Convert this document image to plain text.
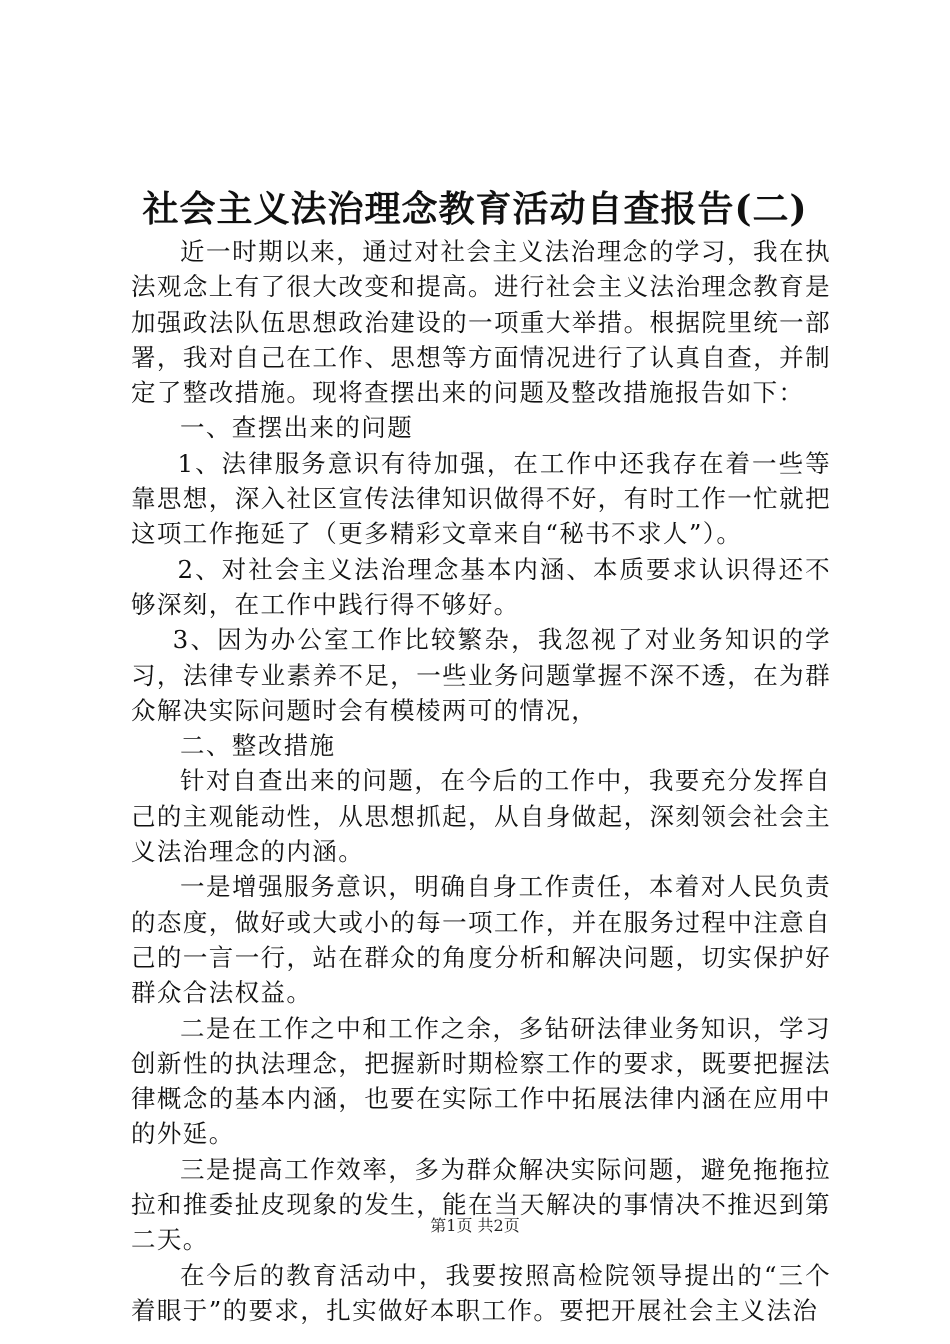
社会主义法治理念教育活动自查报告(二)

近一时期以来，通过对社会主义法治理念的学习，我在执法观念上有了很大改变和提高。进行社会主义法治理念教育是加强政法队伍思想政治建设的一项重大举措。根据院里统一部署，我对自己在工作、思想等方面情况进行了认真自查，并制定了整改措施。现将查摆出来的问题及整改措施报告如下：

一、查摆出来的问题

1、法律服务意识有待加强，在工作中还我存在着一些等靠思想，深入社区宣传法律知识做得不好，有时工作一忙就把这项工作拖延了（更多精彩文章来自“秘书不求人”）。

2、对社会主义法治理念基本内涵、本质要求认识得还不够深刻，在工作中践行得不够好。

3、因为办公室工作比较繁杂，我忽视了对业务知识的学习，法律专业素养不足，一些业务问题掌握不深不透，在为群众解决实际问题时会有模棱两可的情况，

二、整改措施

针对自查出来的问题，在今后的工作中，我要充分发挥自己的主观能动性，从思想抓起，从自身做起，深刻领会社会主义法治理念的内涵。

一是增强服务意识，明确自身工作责任，本着对人民负责的态度，做好或大或小的每一项工作，并在服务过程中注意自己的一言一行，站在群众的角度分析和解决问题，切实保护好群众合法权益。

二是在工作之中和工作之余，多钻研法律业务知识，学习创新性的执法理念，把握新时期检察工作的要求，既要把握法律概念的基本内涵，也要在实际工作中拓展法律内涵在应用中的外延。

三是提高工作效率，多为群众解决实际问题，避免拖拖拉拉和推委扯皮现象的发生，能在当天解决的事情决不推迟到第二天。

在今后的教育活动中，我要按照高检院领导提出的“三个着眼于”的要求，扎实做好本职工作。要把开展社会主义法治

第1页 共2页
